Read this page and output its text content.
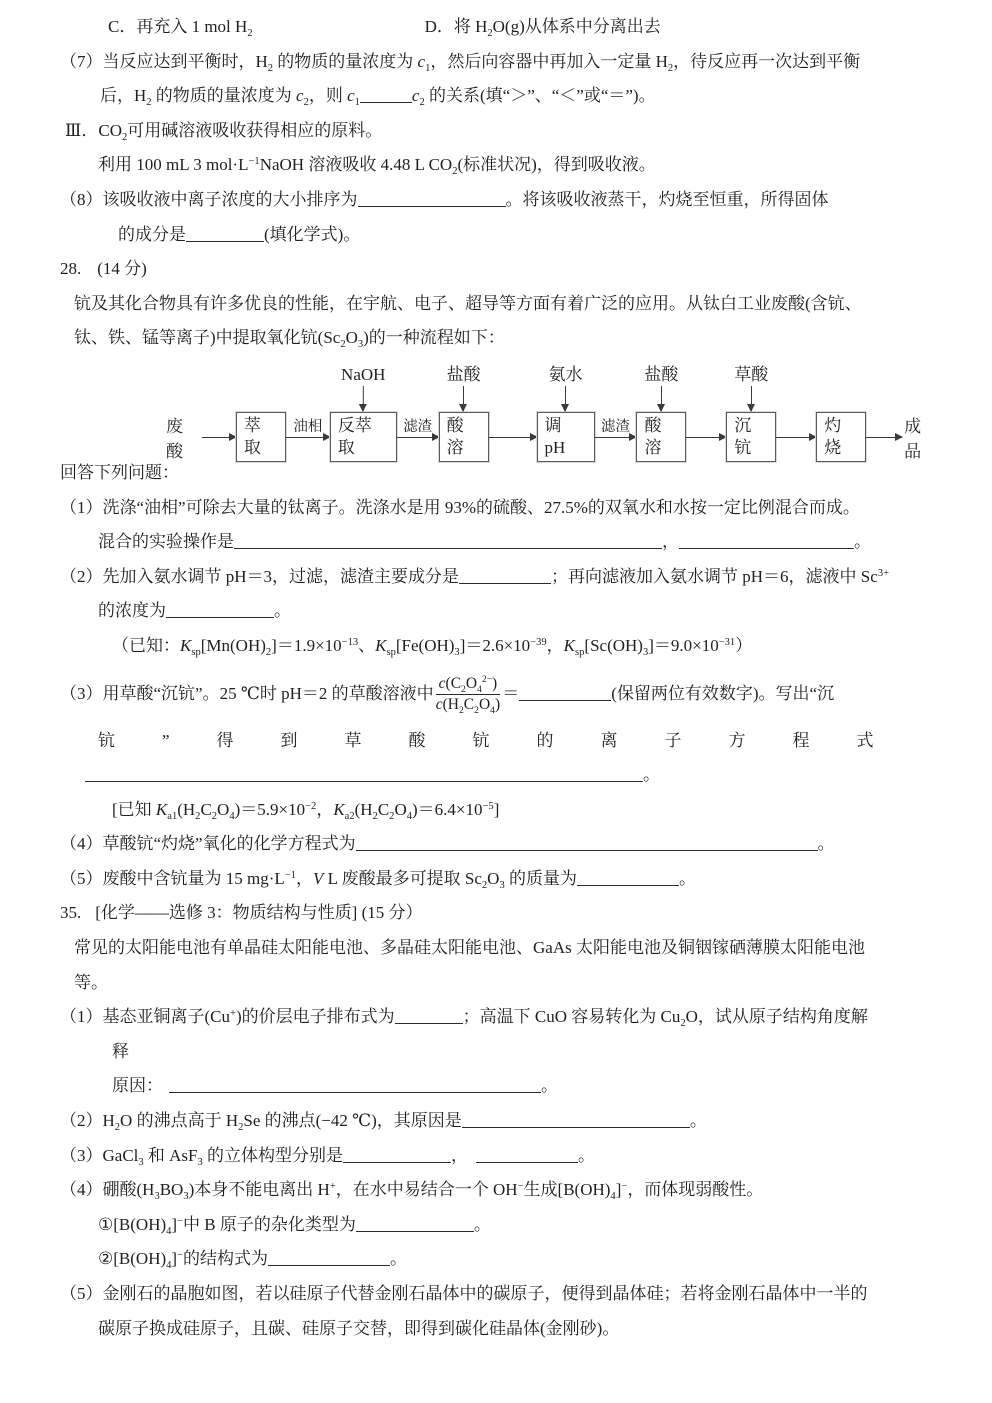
C．再充入 1 mol $H_2$	D．将 $H_2O(g)$从体系中分离出去
（7）当反应达到平衡时，$H_2$ 的物质的量浓度为 $c_1$，然后向容器中再加入一定量 $H_2$，待反应再一次达到平衡
后，$H_2$ 的物质的量浓度为 $c_2$，则 $c_1$	$c_2$ 的关系(填“＞”、“＜”或“＝”)。
Ⅲ．$CO_2$可用碱溶液吸收获得相应的原料。
利用 100 mL 3 $mol\cdot L^{-1}NaOH$ 溶液吸收 4.48 L $CO_2$(标准状况)，得到吸收液。
（8）该吸收液中离子浓度的大小排序为	。将该吸收液蒸干，灼烧至恒重，所得固体
的成分是	(填化学式)。
28. (14 分)
钪及其化合物具有许多优良的性能，在宇航、电子、超导等方面有着广泛的应用。从钛白工业废酸(含钪、
钛、铁、锰等离子)中提取氧化钪$(Sc_2O_3)$的一种流程如下：
废酸
萃取
油相 反萃取
NaOH
滤渣 酸溶
盐酸
调 pH
氨水
滤渣 酸溶
盐酸
沉钪
草酸
灼烧
成品
回答下列问题：
（1）洗涤“油相”可除去大量的钛离子。洗涤水是用 93%的硫酸、27.5%的双氧水和水按一定比例混合而成。
混合的实验操作是	，	。
（2）先加入氨水调节 pH＝3，过滤，滤渣主要成分是	；再向滤液加入氨水调节 pH＝6，滤液中 $Sc^{3+}$
的浓度为	。
（已知：$K_{sp}[Mn(OH)_2]=1.9\times 10^{-13}$、$K_{sp}[Fe(OH)_3]=2.6\times 10^{-39}$，$K_{sp}[Sc(OH)_3]=9.0\times 10^{-31}$）
（3）用草酸“沉钪”。25 ℃时 pH＝2 的草酸溶液中 $\frac{c(C_2O_4^{2-})}{c(H_2C_2O_4)}$ ＝	(保留两位有效数字)。写出“沉
钪”得到草酸钪的离子方程式
。
[已知 $K_{a1}(H_2C_2O_4)=5.9\times 10^{-2}$，$K_{a2}(H_2C_2O_4)=6.4\times 10^{-5}$]
（4）草酸钪“灼烧”氧化的化学方程式为	。
（5）废酸中含钪量为 15 $mg\cdot L^{-1}$，V L 废酸最多可提取 $Sc_2O_3$ 的质量为	。
35. [化学——选修 3：物质结构与性质] (15 分）
常见的太阳能电池有单晶硅太阳能电池、多晶硅太阳能电池、GaAs 太阳能电池及铜铟镓硒薄膜太阳能电池
等。
（1）基态亚铜离子(Cu+)的价层电子排布式为	；高温下 CuO 容易转化为 $Cu_2O$，试从原子结构角度解
释
原因：	。
$(2)H_2O$ 的沸点高于 $H_2Se$ 的沸点(−42 ℃)，其原因是	。
（3）GaCl$_3$ 和 AsF$_3$ 的立体构型分别是	，	。
（4）硼酸$(H_3BO_3)$本身不能电离出 H+，在水中易结合一个 OH−生成$[B(OH)_4]^-$，而体现弱酸性。
$①[B(OH)_4]^-$中 B 原子的杂化类型为	。
$②[B(OH)_4]^-$的结构式为	。
（5）金刚石的晶胞如图，若以硅原子代替金刚石晶体中的碳原子，便得到晶体硅；若将金刚石晶体中一半的
碳原子换成硅原子，且碳、硅原子交替，即得到碳化硅晶体(金刚砂)。
